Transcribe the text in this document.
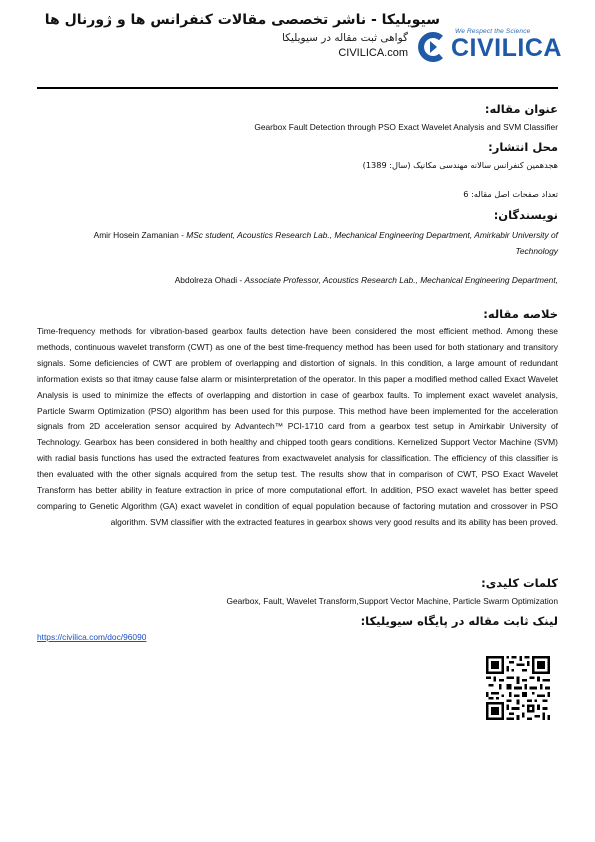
We Respect the Science
CIVILICA
سیویلیکا - ناشر تخصصی مقالات کنفرانس ها و ژورنال ها
گواهی ثبت مقاله در سیویلیکا
CIVILICA.com
عنوان مقاله:
Gearbox Fault Detection through PSO Exact Wavelet Analysis and SVM Classifier
محل انتشار:
هجدهمین کنفرانس سالانه مهندسی مکانیک (سال: 1389)
تعداد صفحات اصل مقاله: 6
نویسندگان:
Amir Hosein Zamanian - MSc student, Acoustics Research Lab., Mechanical Engineering Department, Amirkabir University of Technology
Abdolreza Ohadi - Associate Professor, Acoustics Research Lab., Mechanical Engineering Department,
خلاصه مقاله:
Time-frequency methods for vibration-based gearbox faults detection have been considered the most efficient method. Among these methods, continuous wavelet transform (CWT) as one of the best time-frequency method has been used for both stationary and transitory signals. Some deficiencies of CWT are problem of overlapping and distortion of signals. In this condition, a large amount of redundant information exists so that itmay cause false alarm or misinterpretation of the operator. In this paper a modified method called Exact Wavelet Analysis is used to minimize the effects of overlapping and distortion in case of gearbox faults. To implement exact wavelet analysis, Particle Swarm Optimization (PSO) algorithm has been used for this purpose. This method have been implemented for the acceleration signals from 2D acceleration sensor acquired by Advantech™ PCI-1710 card from a gearbox test setup in Amirkabir University of Technology. Gearbox has been considered in both healthy and chipped tooth gears conditions. Kernelized Support Vector Machine (SVM) with radial basis functions has used the extracted features from exactwavelet analysis for classification. The efficiency of this classifier is then evaluated with the other signals acquired from the setup test. The results show that in comparison of CWT, PSO Exact Wavelet Transform has better ability in feature extraction in price of more computational effort. In addition, PSO exact wavelet has better speed comparing to Genetic Algorithm (GA) exact wavelet in condition of equal population because of factoring mutation and crossover in PSO algorithm. SVM classifier with the extracted features in gearbox shows very good results and its ability has been proved.
کلمات کلیدی:
Gearbox, Fault, Wavelet Transform,Support Vector Machine, Particle Swarm Optimization
لینک ثابت مقاله در پایگاه سیویلیکا:
https://civilica.com/doc/96090
